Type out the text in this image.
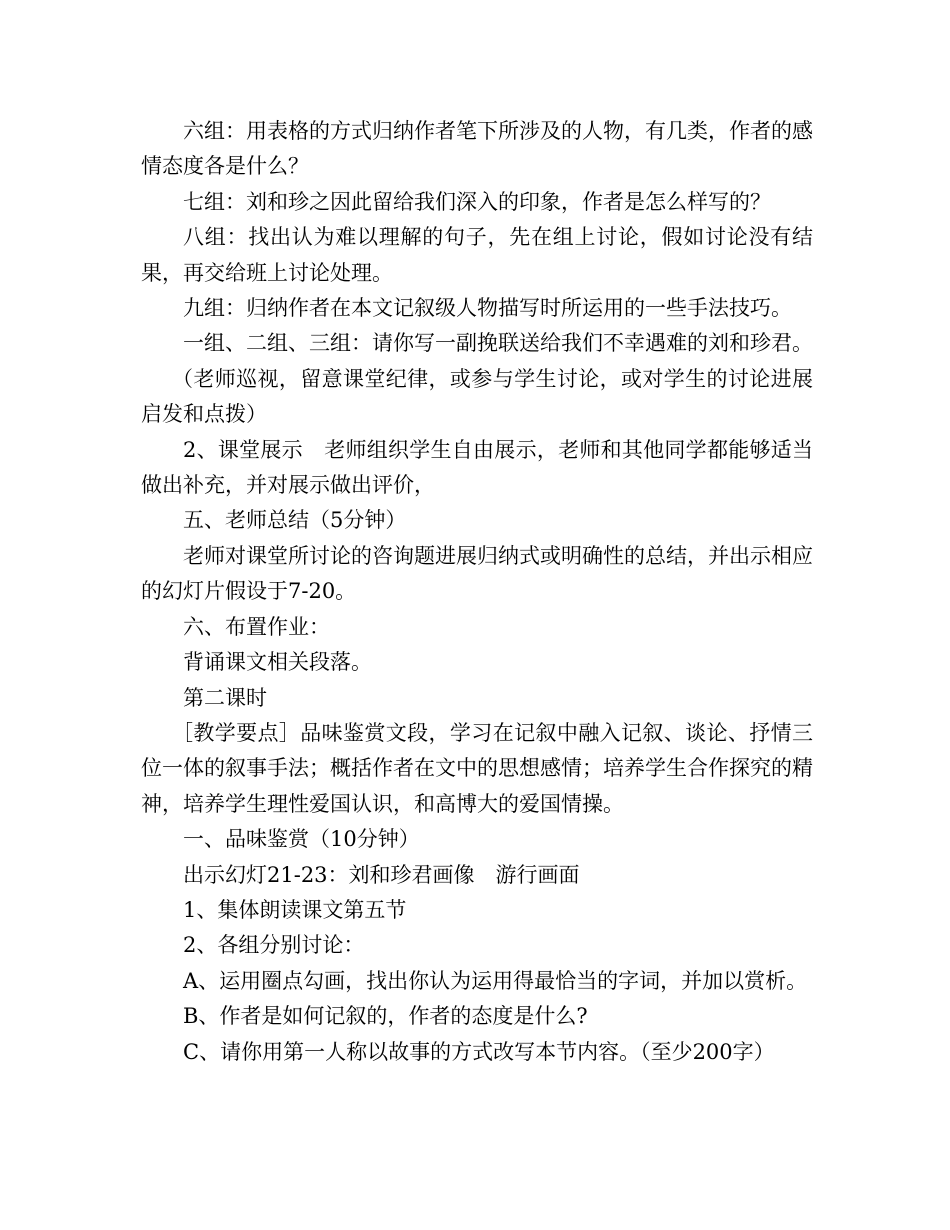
六组：用表格的方式归纳作者笔下所涉及的人物，有几类，作者的感情态度各是什么？

七组：刘和珍之因此留给我们深入的印象，作者是怎么样写的？

八组：找出认为难以理解的句子，先在组上讨论，假如讨论没有结果，再交给班上讨论处理。

九组：归纳作者在本文记叙级人物描写时所运用的一些手法技巧。

一组、二组、三组：请你写一副挽联送给我们不幸遇难的刘和珍君。

（老师巡视，留意课堂纪律，或参与学生讨论，或对学生的讨论进展启发和点拨）

2、课堂展示　老师组织学生自由展示，老师和其他同学都能够适当做出补充，并对展示做出评价，

五、老师总结（5分钟）

老师对课堂所讨论的咨询题进展归纳式或明确性的总结，并出示相应的幻灯片假设于7-20。

六、布置作业：

背诵课文相关段落。

第二课时

［教学要点］品味鉴赏文段，学习在记叙中融入记叙、谈论、抒情三位一体的叙事手法；概括作者在文中的思想感情；培养学生合作探究的精神，培养学生理性爱国认识，和高博大的爱国情操。

一、品味鉴赏（10分钟）

出示幻灯21-23：刘和珍君画像　游行画面

1、集体朗读课文第五节

2、各组分别讨论：

A、运用圈点勾画，找出你认为运用得最恰当的字词，并加以赏析。

B、作者是如何记叙的，作者的态度是什么?

C、请你用第一人称以故事的方式改写本节内容。（至少200字）
